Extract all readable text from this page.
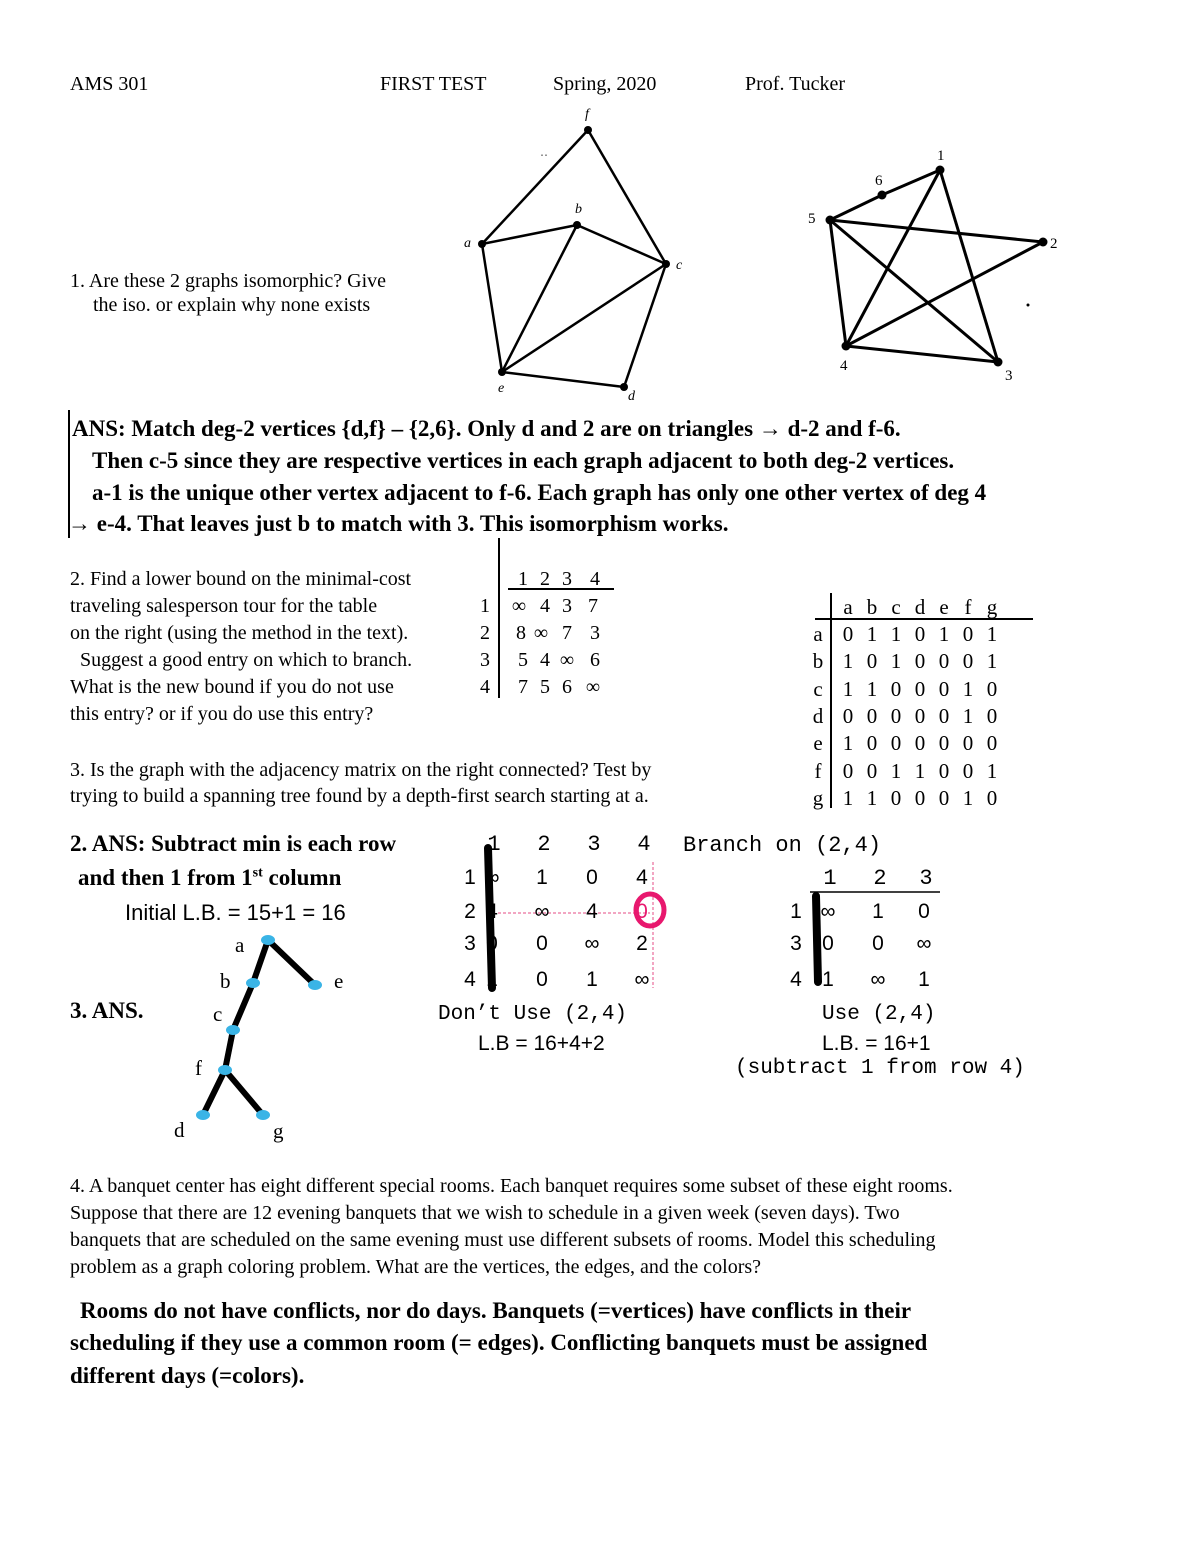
AMS 301	FIRST TEST	Spring, 2020	Prof. Tucker
1. Are these 2 graphs isomorphic? Give
the iso. or explain why none exists
f
a
b
c
e
d
‥	1
6
5
2
4
3
ANS: Match deg-2 vertices {d,f} – {2,6}. Only d and 2 are on triangles → d-2 and f-6.
Then c-5 since they are respective vertices in each graph adjacent to both deg-2 vertices.
a-1 is the unique other vertex adjacent to f-6. Each graph has only one other vertex of deg 4
→ e-4. That leaves just b to match with 3. This isomorphism works.
2. Find a lower bound on the minimal-cost
traveling salesperson tour for the table
on the right (using the method in the text).
Suggest a good entry on which to branch.
What is the new bound if you do not use
this entry? or if you do use this entry?
1 2 3 4
1	∞ 4 3 7
2	8 ∞ 7 3
3	5 4 ∞ 6
4	7 5 6 ∞
a b c d e f g
a 0 1 1 0 1 0 1
b 1 0 1 0 0 0 1
c 1 1 0 0 0 1 0
d 0 0 0 0 0 1 0
e 1 0 0 0 0 0 0
f	0 0 1 1 0 0 1
g 1 1 0 0 0 1 0
3. Is the graph with the adjacency matrix on the right connected? Test by
trying to build a spanning tree found by a depth-first search starting at a.
2. ANS: Subtract min is each row
and then 1 from 1st column
Initial L.B. = 15+1 = 16
1 2 3 4
1 ∞ 1 0 4
2 4 ∞ 4 0
3 0 0 ∞ 2
4 1 0 1 ∞
Don’t Use (2,4)
L.B = 16+4+2
Branch on (2,4)
1 2 3
1 ∞ 1 0
3 0 0 ∞
4 1 ∞ 1
Use (2,4)
L.B. = 16+1
(subtract 1 from row 4)
3. ANS.
a
b	e
c
f
d	g
4. A banquet center has eight different special rooms. Each banquet requires some subset of these eight rooms.
Suppose that there are 12 evening banquets that we wish to schedule in a given week (seven days). Two
banquets that are scheduled on the same evening must use different subsets of rooms. Model this scheduling
problem as a graph coloring problem. What are the vertices, the edges, and the colors?
Rooms do not have conflicts, nor do days. Banquets (=vertices) have conflicts in their
scheduling if they use a common room (= edges). Conflicting banquets must be assigned
different days (=colors).
